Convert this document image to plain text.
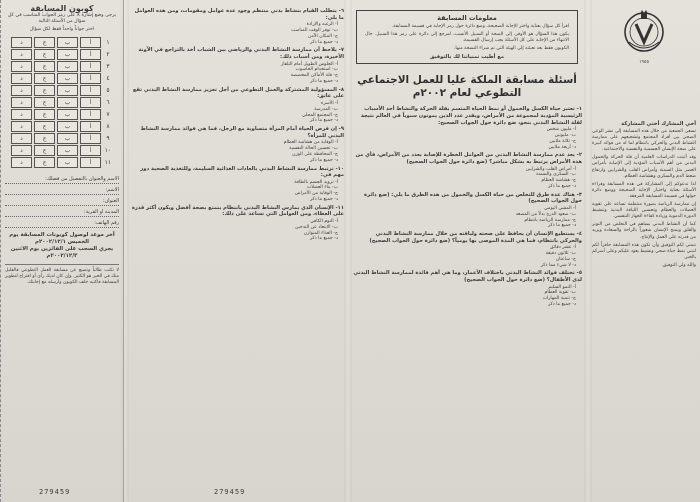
١٩٥٥
أخي المشارك أختي المشاركة

تسعى الجمعية من خلال هذه المسابقة إلى نشر الوعي الصحي بين أفراد المجتمع وتشجيعهم على ممارسة النشاط البدني والحركي بانتظام لما له من فوائد كبيرة على صحة الإنسان الجسمية والنفسية والاجتماعية.

وقد أثبتت الدراسات العلمية أن قلة الحركة والخمول البدني من أهم الأسباب المؤدية إلى الإصابة بأمراض العصر مثل السمنة وأمراض القلب والشرايين وارتفاع ضغط الدم والسكري وهشاشة العظام.

لذا ندعوكم إلى المشاركة في هذه المسابقة وقراءة الأسئلة بعناية واختيار الإجابة الصحيحة ووضع دائرة حولها في قسيمة المسابقة المرفقة.

إن ممارسة الرياضة بصورة منتظمة تساعد على تقوية العضلات والعظام وتحسين اللياقة البدنية وتنشيط الدورة الدموية وزيادة كفاءة الجهاز التنفسي.

كما أن النشاط البدني يساهم في التخلص من التوتر والقلق ويمنح الإنسان شعوراً بالراحة والسعادة ويزيد من قدرته على العمل والإنتاج.

نتمنى لكم التوفيق وأن تكون هذه المسابقة حافزاً لكم لتبني نمط حياة صحي ونشيط يعود عليكم وعلى أسركم بالخير.

والله ولي التوفيق.

معلومات المسابقة

اقرأ كل سؤال بعناية واختر الإجابة الصحيحة، وضع دائرة حول رمز الإجابة في قسيمة المسابقة.

يكون هذا السؤال هو الأوفر، إلى الصحة أو السبيل الأنسب، لمرجع إلى دائرة على رمز هذا السبيل. حال الانتهاء من الإجابة على كل الأسئلة يجب إرسال القسيمة.

الكوبون فقط بعد تعبئته إلى الهيئة التي تم شراء النسخة منها.

مع أطيب تمنياتنا لك بالتوفيق
أسئلة مسابقة الملكة عليا للعمل الاجتماعي التطوعي لعام ٢٠٠٢م

١- تعتبر حياة الكسل والخمول أو نمط الحياة المتسم بقلة الحركة والنشاط أحد الأسباب الرئيسية المؤدية لمجموعة من الأمراض، ويقدر عدد الذين يموتون سنوياً في العالم نتيجة لقلة النشاط البدني بنحو، ضع دائرة حول الجواب الصحيح:

أ- مليون شخص

ب- مليونين

ج- ثلاثة ملايين

د- أربعة ملايين

٢- يعد عدم ممارسة النشاط البدني من العوامل الخطرة للإصابة بعدد من الأمراض، فأي من هذه الأمراض يرتبط به بشكل مباشر؟ (ضع دائرة حول الجواب الصحيح)

أ- أمراض القلب والشرايين

ب- السكري والسمنة

ج- هشاشة العظام

د- جميع ما ذكر

٣- هناك عدة طرق للتخلص من حياة الكسل والخمول من هذه الطرق ما يلي: (ضع دائرة حول الجواب الصحيح)

أ- المشي اليومي

ب- صعود الدرج بدلاً من المصعد

ج- ممارسة الرياضة بانتظام

د- جميع ما ذكر

٤- يستطيع الإنسان أن يحافظ على صحته ولياقته من خلال ممارسة النشاط البدني والحركي بانتظام، فما هي المدة الموصى بها يومياً؟ (ضع دائرة حول الجواب الصحيح)

أ- عشر دقائق

ب- ثلاثون دقيقة

ج- ساعتان

د- لا شيء مما ذكر

٥- تختلف فوائد النشاط البدني باختلاف الأعمار، وما هي أهم فائدة لممارسة النشاط البدني لدى الأطفال؟ (ضع دائرة حول الجواب الصحيح)

أ- النمو السليم

ب- تقوية العظام

ج- تنمية المهارات

د- جميع ما ذكر

٦- يتطلب القيام بنشاط بدني منتظم وجود عدة عوامل ومقومات، ومن هذه العوامل ما يلي:

أ- الرغبة والإرادة

ب- توفر الوقت المناسب

ج- المكان الآمن

د- جميع ما ذكر

٧- يلاحظ أن ممارسة النشاط البدني والرياضي بين الشباب أخذ بالتراجع في الآونة الأخيرة، ومن أسباب ذلك:

أ- الجلوس الطويل أمام التلفاز

ب- استخدام الحاسوب

ج- قلة الأماكن المخصصة

د- جميع ما ذكر

٨- المسؤولية المشتركة والعمل التطوعي من أجل تعزيز ممارسة النشاط البدني تقع على عاتق:

أ- الأسرة

ب- المدرسة

ج- المجتمع المحلي

د- جميع ما ذكر

٩- إن فرص الحياة أمام المرأة متساوية مع الرجل، فما هي فوائد ممارسة النشاط البدني للمرأة؟

أ- الوقاية من هشاشة العظام

ب- تحسين الحالة النفسية

ج- المحافظة على الوزن

د- جميع ما ذكر

١٠- ترتبط ممارسة النشاط البدني بالعادات الغذائية السليمة، وللتغذية الصحية دور مهم في:

أ- تزويد الجسم بالطاقة

ب- بناء العضلات

ج- الوقاية من الأمراض

د- جميع ما ذكر

١١- الإنسان الذي يمارس النشاط البدني بانتظام يتمتع بصحة أفضل ويكون أكثر قدرة على العطاء، ومن العوامل التي تساعد على ذلك:

أ- النوم الكافي

ب- الابتعاد عن التدخين

ج- الغذاء المتوازن

د- جميع ما ذكر

279459
كوبون المسابقة
يرجى وضع إشارة X على رمز الجواب المناسب في كل سؤال من الأسئلة التالية
اختر جواباً واحداً فقط لكل سؤال
١
أ
ب
ج
د
٢
أ
ب
ج
د
٣
أ
ب
ج
د
٤
أ
ب
ج
د
٥
أ
ب
ج
د
٦
أ
ب
ج
د
٧
أ
ب
ج
د
٨
أ
ب
ج
د
٩
أ
ب
ج
د
١٠
أ
ب
ج
د
١١
أ
ب
ج
د
الاسم والعنوان بالتفصيل من فضلك:
الاسم:
العنوان:
المدينة أو القرية:
رقم الهاتف:
آخر موعد لوصول كوبونات المسابقة يوم الخميس ٢٠٠٢/١٢/١م
يجري السحب على الفائزين يوم الاثنين ٢٠٠٢/١٢/٣م
لا تكتب طالباً وتضيع عن مسابقة العمل التطوعي فالقليل منك في الخير هو الكثير. وإن كان لديك رأي أو اقتراح لتطوير المسابقة فاكتبه خلف الكوبون وأرسله مع إجابتك.
279459
